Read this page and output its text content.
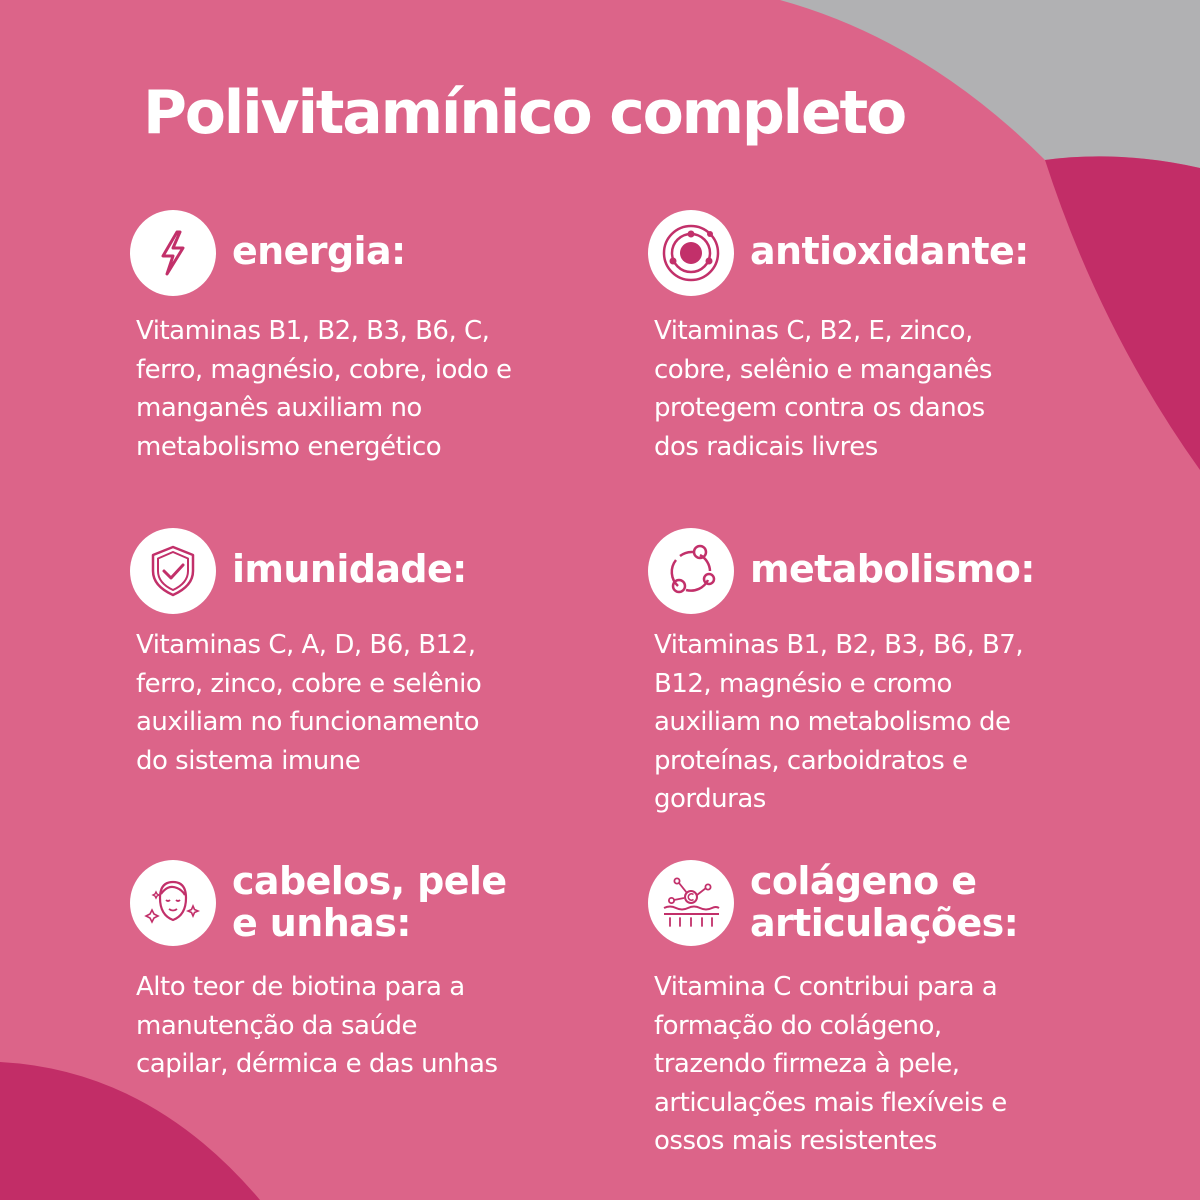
Polivitamínico completo
energia:

Vitaminas B1, B2, B3, B6, C,
ferro, magnésio, cobre, iodo e
manganês auxiliam no
metabolismo energético

antioxidante:

Vitaminas C, B2, E, zinco,
cobre, selênio e manganês
protegem contra os danos
dos radicais livres

imunidade:

Vitaminas C, A, D, B6, B12,
ferro, zinco, cobre e selênio
auxiliam no funcionamento
do sistema imune

metabolismo:

Vitaminas B1, B2, B3, B6, B7,
B12, magnésio e cromo
auxiliam no metabolismo de
proteínas, carboidratos e
gorduras

cabelos, pele
e unhas:

Alto teor de biotina para a
manutenção da saúde
capilar, dérmica e das unhas

colágeno e
articulações:

Vitamina C contribui para a
formação do colágeno,
trazendo firmeza à pele,
articulações mais flexíveis e
ossos mais resistentes
